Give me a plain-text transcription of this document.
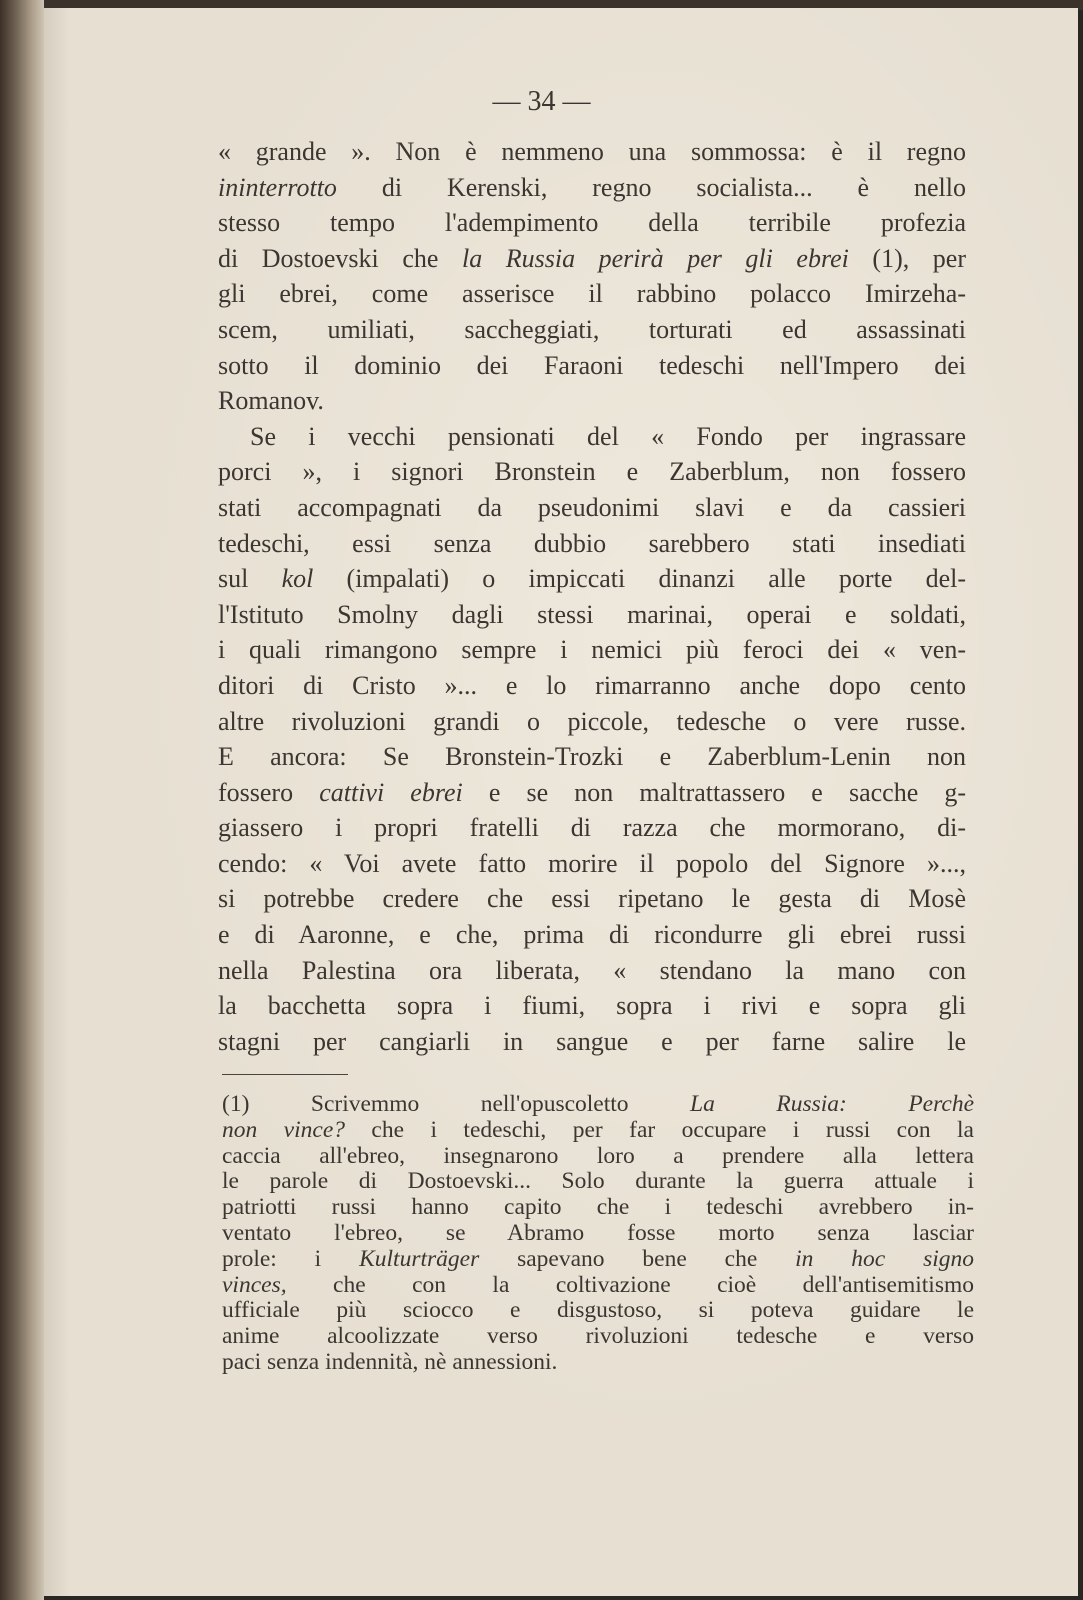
— 34 —
« grande ». Non è nemmeno una sommossa: è il regno
ininterrotto di Kerenski, regno socialista... è nello
stesso tempo l'adempimento della terribile profezia
di Dostoevski che la Russia perirà per gli ebrei (1), per
gli ebrei, come asserisce il rabbino polacco Imirzeha-
scem, umiliati, saccheggiati, torturati ed assassinati
sotto il dominio dei Faraoni tedeschi nell'Impero dei
Romanov.
Se i vecchi pensionati del « Fondo per ingrassare
porci », i signori Bronstein e Zaberblum, non fossero
stati accompagnati da pseudonimi slavi e da cassieri
tedeschi, essi senza dubbio sarebbero stati insediati
sul kol (impalati) o impiccati dinanzi alle porte del-
l'Istituto Smolny dagli stessi marinai, operai e soldati,
i quali rimangono sempre i nemici più feroci dei « ven-
ditori di Cristo »... e lo rimarranno anche dopo cento
altre rivoluzioni grandi o piccole, tedesche o vere russe.
E ancora: Se Bronstein-Trozki e Zaberblum-Lenin non
fossero cattivi ebrei e se non maltrattassero e sacche g-
giassero i propri fratelli di razza che mormorano, di-
cendo: « Voi avete fatto morire il popolo del Signore »...,
si potrebbe credere che essi ripetano le gesta di Mosè
e di Aaronne, e che, prima di ricondurre gli ebrei russi
nella Palestina ora liberata, « stendano la mano con
la bacchetta sopra i fiumi, sopra i rivi e sopra gli
stagni per cangiarli in sangue e per farne salire le
(1) Scrivemmo nell'opuscoletto La Russia: Perchè
non vince? che i tedeschi, per far occupare i russi con la
caccia all'ebreo, insegnarono loro a prendere alla lettera
le parole di Dostoevski... Solo durante la guerra attuale i
patriotti russi hanno capito che i tedeschi avrebbero in-
ventato l'ebreo, se Abramo fosse morto senza lasciar
prole: i Kulturträger sapevano bene che in hoc signo
vinces, che con la coltivazione cioè dell'antisemitismo
ufficiale più sciocco e disgustoso, si poteva guidare le
anime alcoolizzate verso rivoluzioni tedesche e verso
paci senza indennità, nè annessioni.
